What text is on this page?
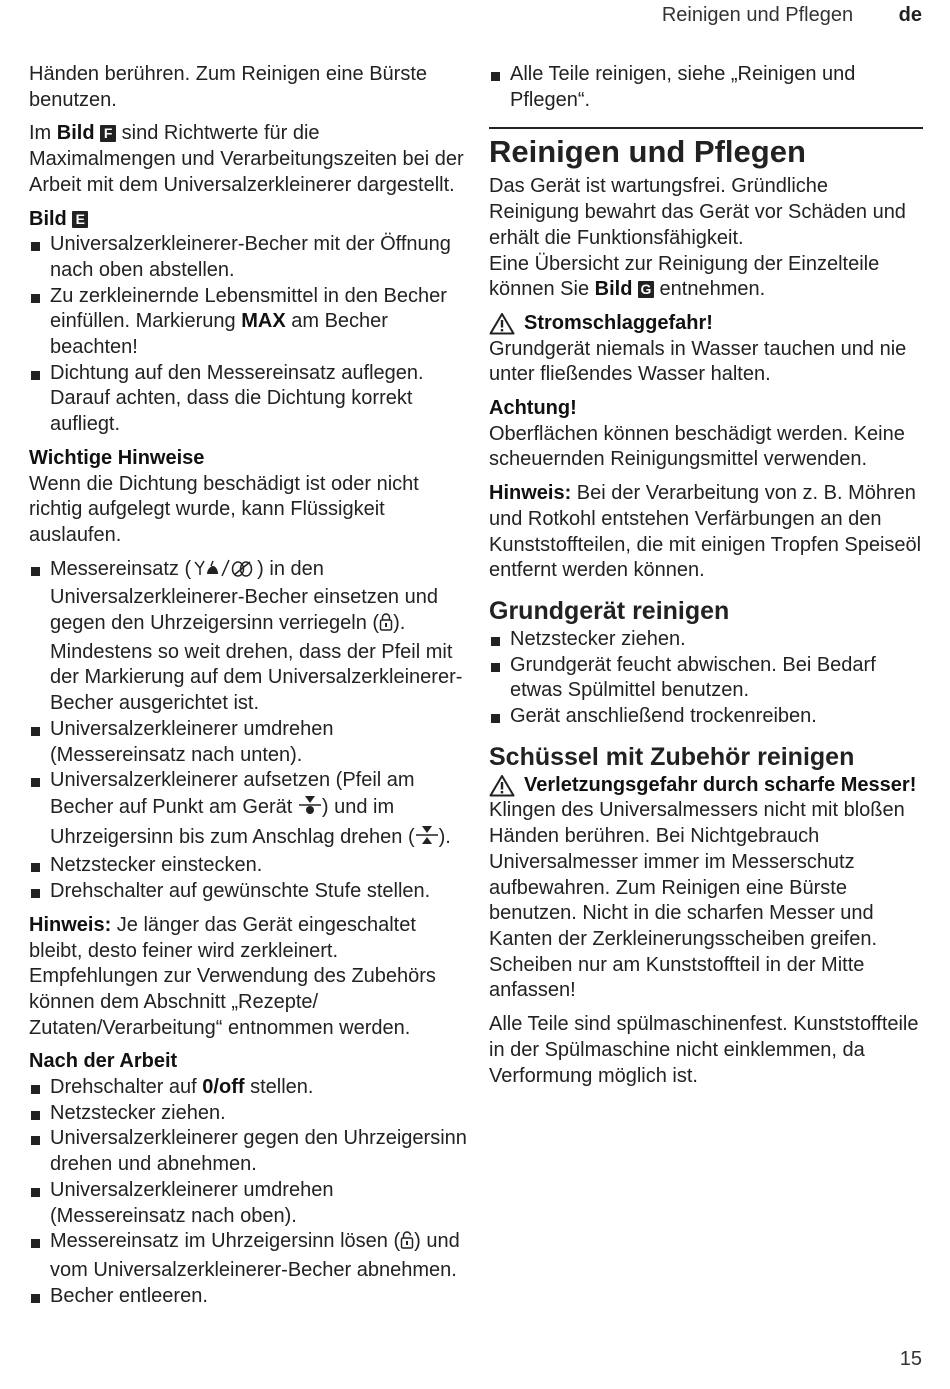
Reinigen und Pflegen de

Händen berühren. Zum Reinigen eine Bürste benutzen.

Im Bild F sind Richtwerte für die Maximalmengen und Verarbeitungszeiten bei der Arbeit mit dem Universalzerkleinerer dargestellt.

Bild E
Universalzerkleinerer-Becher mit der Öffnung nach oben abstellen.
Zu zerkleinernde Lebensmittel in den Becher einfüllen. Markierung MAX am Becher beachten!
Dichtung auf den Messereinsatz auflegen. Darauf achten, dass die Dichtung korrekt aufliegt.
Wichtige Hinweise

Wenn die Dichtung beschädigt ist oder nicht richtig aufgelegt wurde, kann Flüssigkeit auslaufen.

Messereinsatz (	) in den Universalzerkleinerer-Becher einsetzen und gegen den Uhrzeigersinn verriegeln ( ). Mindestens so weit drehen, dass der Pfeil mit der Markierung auf dem Universalzerkleinerer-Becher ausgerichtet ist.
Universalzerkleinerer umdrehen (Messereinsatz nach unten).
Universalzerkleinerer aufsetzen (Pfeil am Becher auf Punkt am Gerät ) und im Uhrzeigersinn bis zum Anschlag drehen ( ).
Netzstecker einstecken.
Drehschalter auf gewünschte Stufe stellen.

Hinweis: Je länger das Gerät eingeschaltet bleibt, desto feiner wird zerkleinert. Empfehlungen zur Verwendung des Zubehörs können dem Abschnitt „Rezepte/ Zutaten/Verarbeitung“ entnommen werden.

Nach der Arbeit
Drehschalter auf 0/off stellen.
Netzstecker ziehen.
Universalzerkleinerer gegen den Uhrzeigersinn drehen und abnehmen.
Universalzerkleinerer umdrehen (Messereinsatz nach oben).
Messereinsatz im Uhrzeigersinn lösen ( ) und vom Universalzerkleinerer-Becher abnehmen.
Becher entleeren.
Alle Teile reinigen, siehe „Reinigen und Pflegen“.
Reinigen und Pflegen

Das Gerät ist wartungsfrei. Gründliche Reinigung bewahrt das Gerät vor Schäden und erhält die Funktionsfähigkeit.

Eine Übersicht zur Reinigung der Einzelteile können Sie Bild G entnehmen.

Stromschlaggefahr!

Grundgerät niemals in Wasser tauchen und nie unter fließendes Wasser halten.

Achtung!

Oberflächen können beschädigt werden. Keine scheuernden Reinigungsmittel verwenden.

Hinweis: Bei der Verarbeitung von z. B. Möhren und Rotkohl entstehen Verfärbungen an den Kunststoffteilen, die mit einigen Tropfen Speiseöl entfernt werden können.

Grundgerät reinigen
Netzstecker ziehen.
Grundgerät feucht abwischen. Bei Bedarf etwas Spülmittel benutzen.
Gerät anschließend trockenreiben.
Schüssel mit Zubehör reinigen
Verletzungsgefahr durch scharfe Messer!

Klingen des Universalmessers nicht mit bloßen Händen berühren. Bei Nichtgebrauch Universalmesser immer im Messerschutz aufbewahren. Zum Reinigen eine Bürste benutzen. Nicht in die scharfen Messer und Kanten der Zerkleinerungsscheiben greifen. Scheiben nur am Kunststoffteil in der Mitte anfassen!

Alle Teile sind spülmaschinenfest. Kunststoffteile in der Spülmaschine nicht einklemmen, da Verformung möglich ist.

15
